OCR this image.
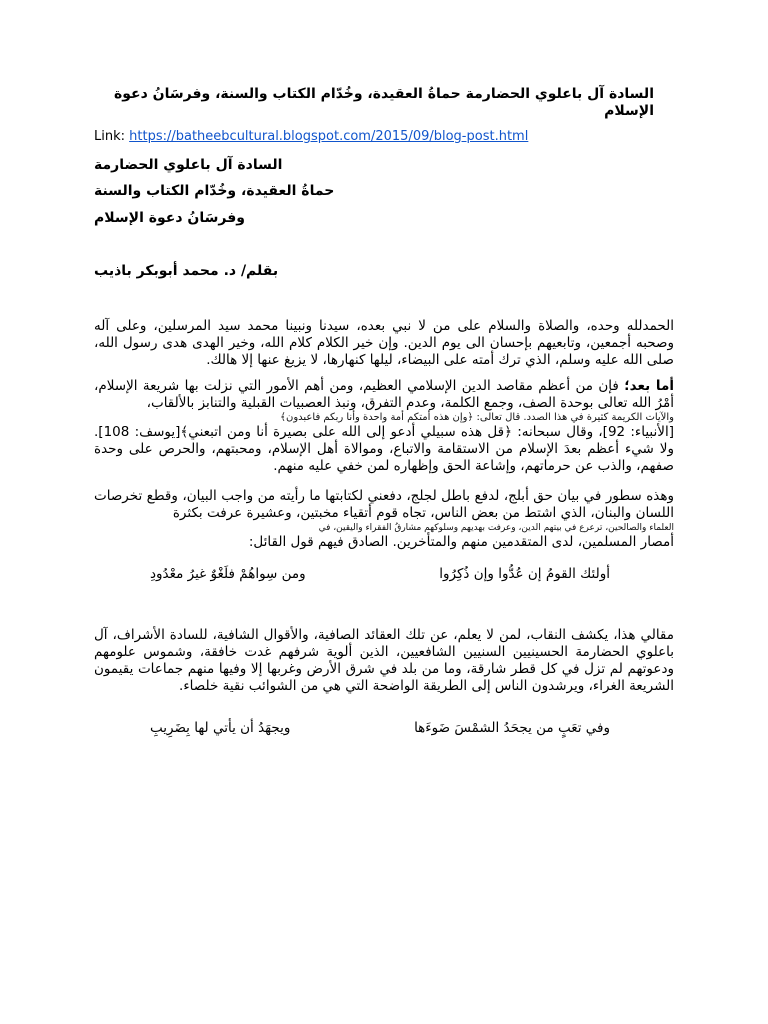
السادة آل باعلوي الحضارمة حماةُ العقيدة، وخُدّام الكتاب والسنة، وفرسَانُ دعوة الإسلام
Link: https://batheebcultural.blogspot.com/2015/09/blog-post.html
السادة آل باعلوي الحضارمة
حماةُ العقيدة، وخُدّام الكتاب والسنة
وفرسَانُ دعوة الإسلام
بقلم/ د. محمد أبوبكر باذيب
الحمدلله وحده، والصلاة والسلام على من لا نبي بعده، سيدنا ونبينا محمد سيد المرسلين، وعلى آله وصحبه أجمعين، وتابعيهم بإحسان الى يوم الدين. وإن خير الكلام كلام الله، وخير الهدى هدى رسول الله، صلى الله عليه وسلم، الذي ترك أمته على البيضاء، ليلها كنهارها، لا يزيغ عنها إلا هالك.
أما بعد؛ فإن من أعظم مقاصد الدين الإسلامي العظيم، ومن أهم الأمور التي نزلت بها شريعة الإسلام، أمْرُ الله تعالى بوحدة الصف، وجمع الكلمة، وعدم التفرق، ونبذ العصبيات القبلية والتنابز بالألقاب،
والآيات الكريمة كثيرة في هذا الصدد. قال تعالى: ﴿وإن هذه أمتكم أمة واحدة وأنا ربكم فاعبدون﴾
[الأنبياء: 92]، وقال سبحانه: ﴿قل هذه سبيلي أدعو إلى الله على بصيرة أنا ومن اتبعني﴾[يوسف: 108]. ولا شيء أعظم بعدَ الإسلام من الاستقامة والاتباع، وموالاة أهل الإسلام، ومحبتهم، والحرص على وحدة صفهم، والذب عن حرماتهم، وإشاعة الحق وإظهاره لمن خفي عليه منهم.
وهذه سطور في بيان حق أبلج، لدفع باطل لجلج، دفعني لكتابتها ما رأيته من واجب البيان، وقطع تخرصات اللسان والبنان، الذي اشتط من بعض الناس، تجاه قوم أتقياء مخبتين، وعشيرة عرفت بكثرة
العلماء والصالحين، ترعرع في بيتهم الدين، وعرفت بهديهم وسلوكهم مشارقُ الفقراء واليقين، في
أمصار المسلمين، لدى المتقدمين منهم والمتأخرين. الصادق فيهم قول القائل:
أولئك القومُ إن عُدُّوا وإن ذُكِرُوا
ومن سِواهُمْ فلَغْوٌ غيرُ معْدُودِ
مقالي هذا، يكشف النقاب، لمن لا يعلم، عن تلك العقائد الصافية، والأقوال الشافية، للسادة الأشراف، آل باعلوي الحضارمة الحسينيين السنيين الشافعيين، الذين ألوية شرفهم غدت خافقة، وشموس علومهم ودعوتهم لم تزل في كل قطر شارقة، وما من بلد في شرق الأرض وغربها إلا وفيها منهم جماعات يقيمون الشريعة الغراء، ويرشدون الناس إلى الطريقة الواضحة التي هي من الشوائب نقية خلصاء.
وفي تعَبٍ من يجحَدُ الشمْسَ ضَوءَها
ويجهَدُ أن يأتي لها بِضَرِيبِ
